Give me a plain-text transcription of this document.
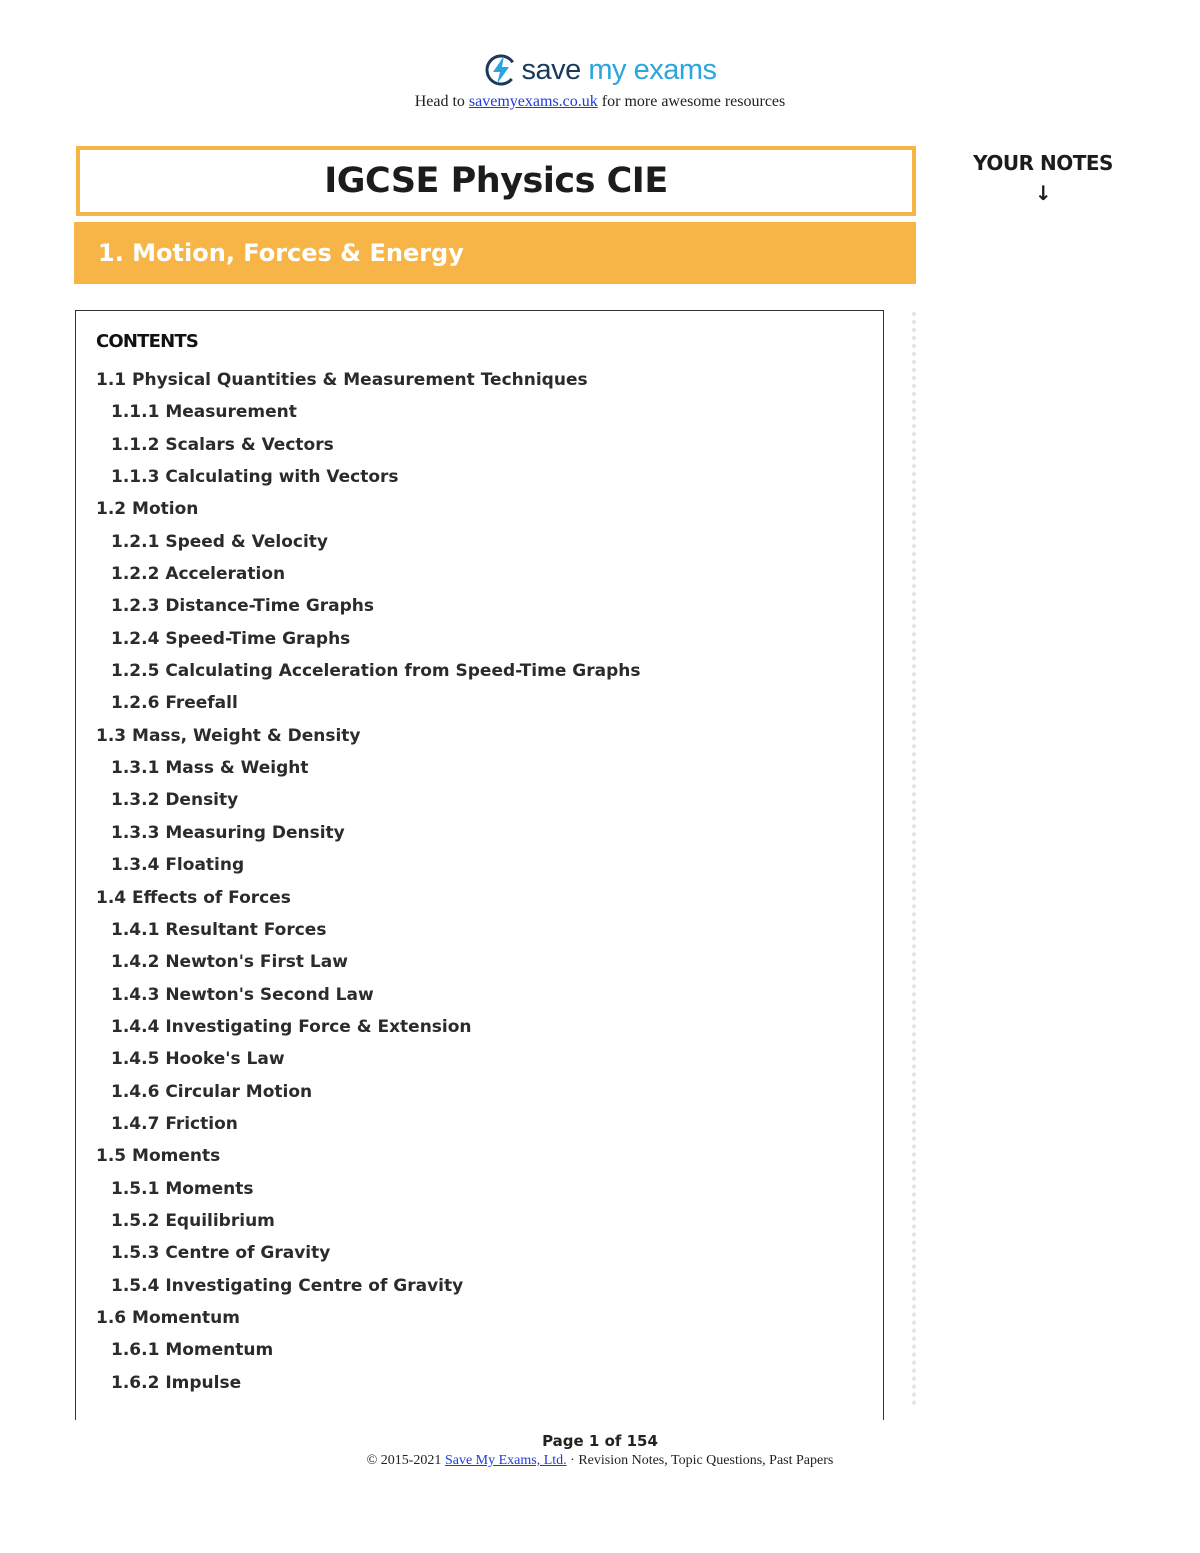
save my exams
Head to savemyexams.co.uk for more awesome resources
IGCSE Physics CIE
1. Motion, Forces & Energy
YOUR NOTES
↓
CONTENTS
1.1 Physical Quantities & Measurement Techniques
1.1.1 Measurement
1.1.2 Scalars & Vectors
1.1.3 Calculating with Vectors
1.2 Motion
1.2.1 Speed & Velocity
1.2.2 Acceleration
1.2.3 Distance-Time Graphs
1.2.4 Speed-Time Graphs
1.2.5 Calculating Acceleration from Speed-Time Graphs
1.2.6 Freefall
1.3 Mass, Weight & Density
1.3.1 Mass & Weight
1.3.2 Density
1.3.3 Measuring Density
1.3.4 Floating
1.4 Effects of Forces
1.4.1 Resultant Forces
1.4.2 Newton's First Law
1.4.3 Newton's Second Law
1.4.4 Investigating Force & Extension
1.4.5 Hooke's Law
1.4.6 Circular Motion
1.4.7 Friction
1.5 Moments
1.5.1 Moments
1.5.2 Equilibrium
1.5.3 Centre of Gravity
1.5.4 Investigating Centre of Gravity
1.6 Momentum
1.6.1 Momentum
1.6.2 Impulse
Page 1 of 154
© 2015-2021 Save My Exams, Ltd. · Revision Notes, Topic Questions, Past Papers
